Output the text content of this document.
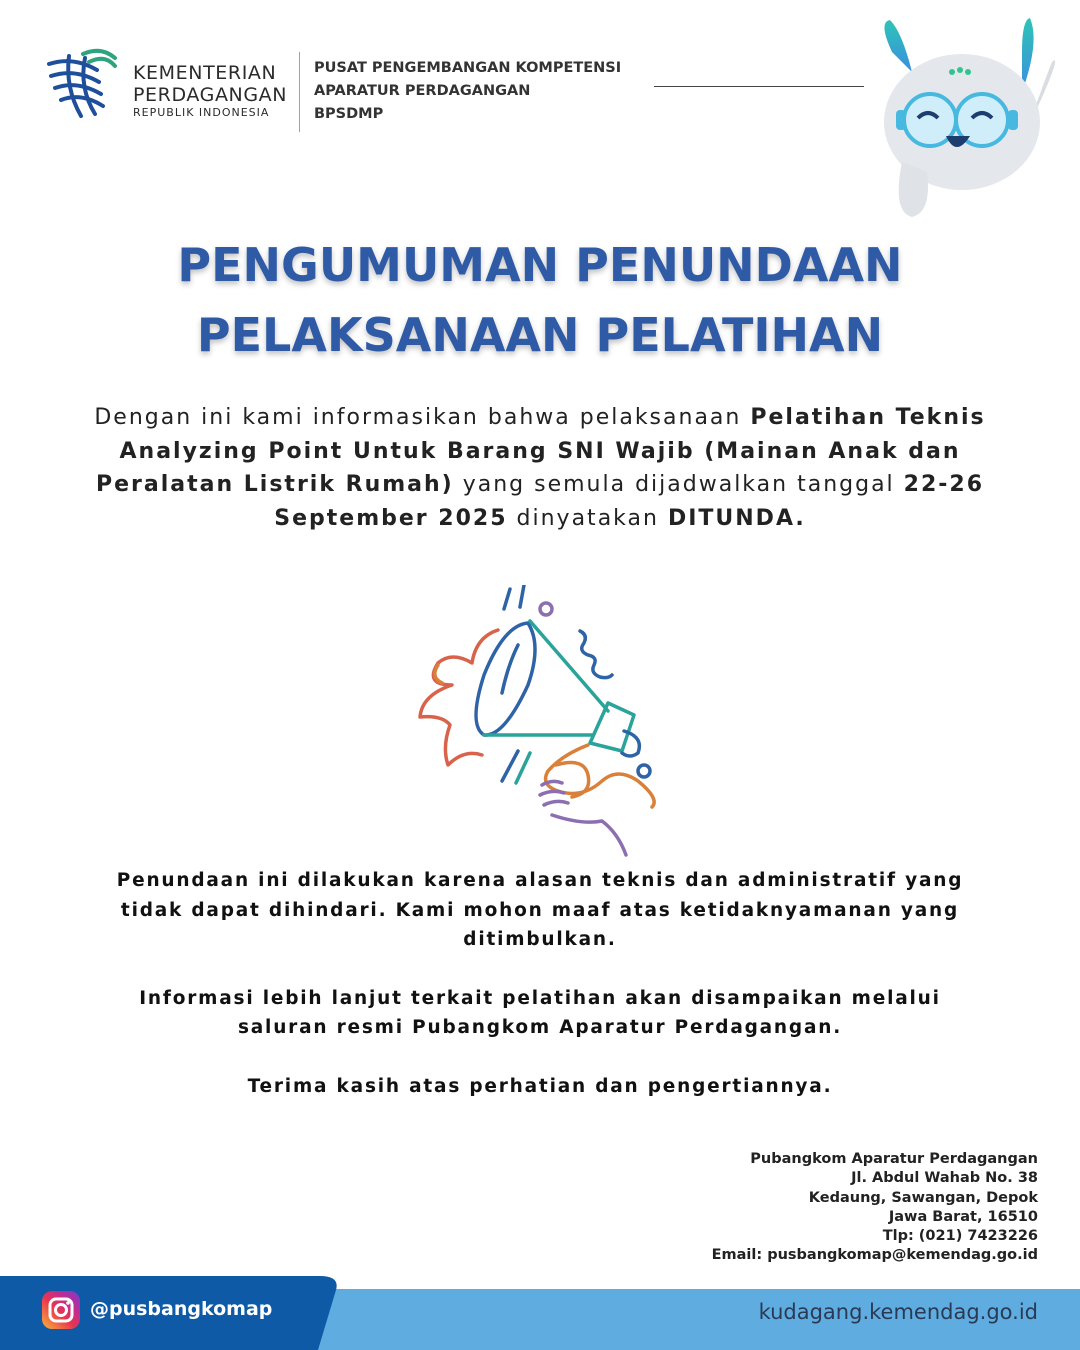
KEMENTERIAN
PERDAGANGAN
REPUBLIK INDONESIA
PUSAT PENGEMBANGAN KOMPETENSI
APARATUR PERDAGANGAN
BPSDMP
PENGUMUMAN PENUNDAAN
PELAKSANAAN PELATIHAN
Dengan ini kami informasikan bahwa pelaksanaan Pelatihan Teknis Analyzing Point Untuk Barang SNI Wajib (Mainan Anak dan Peralatan Listrik Rumah) yang semula dijadwalkan tanggal 22-26 September 2025 dinyatakan DITUNDA.
Penundaan ini dilakukan karena alasan teknis dan administratif yang tidak dapat dihindari. Kami mohon maaf atas ketidaknyamanan yang ditimbulkan.
Informasi lebih lanjut terkait pelatihan akan disampaikan melalui saluran resmi Pubangkom Aparatur Perdagangan.
Terima kasih atas perhatian dan pengertiannya.
Pubangkom Aparatur Perdagangan
Jl. Abdul Wahab No. 38
Kedaung, Sawangan, Depok
Jawa Barat, 16510
Tlp: (021) 7423226
Email: pusbangkomap@kemendag.go.id
@pusbangkomap	kudagang.kemendag.go.id
